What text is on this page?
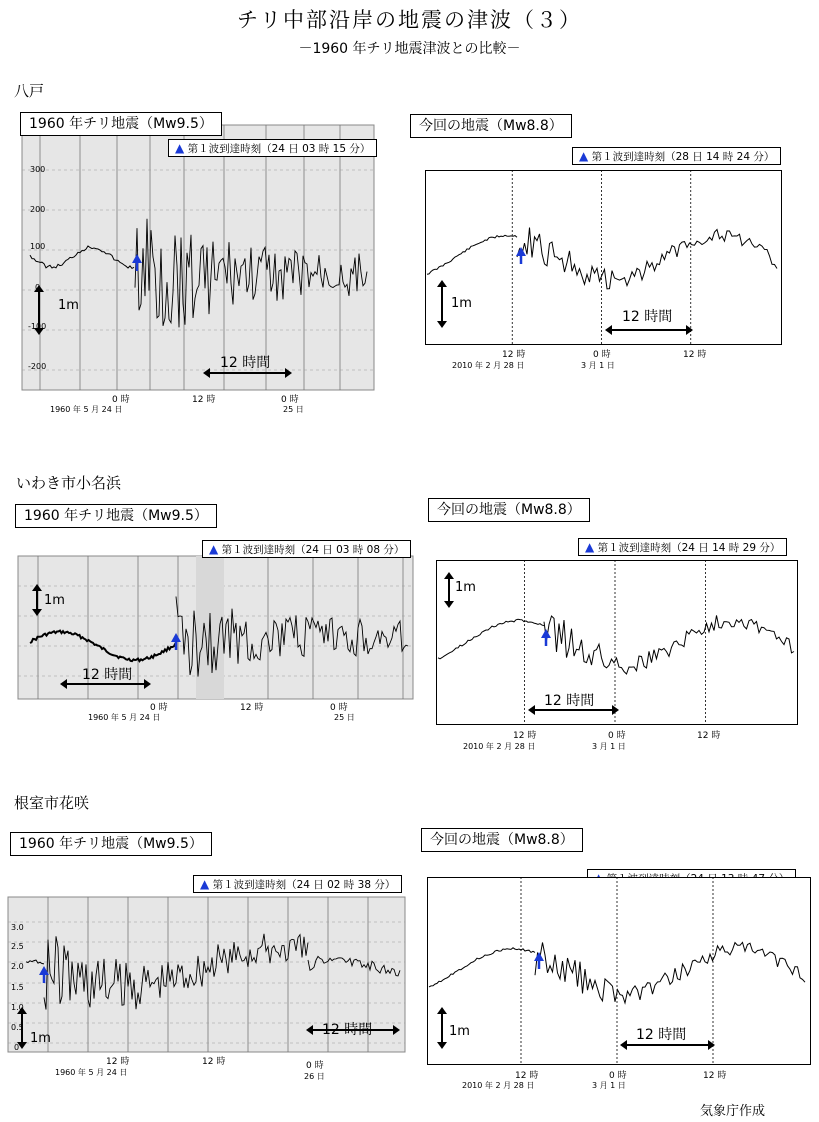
チリ中部沿岸の地震の津波（３）
－1960 年チリ地震津波との比較－
八戸
1960 年チリ地震（Mw9.5）
▲ 第１波到達時刻（24 日 03 時 15 分）
0 時	12 時	0 時
1960 年 5 月 24 日	25 日
1m
12 時間
300
200
100
0
-100
-200
今回の地震（Mw8.8）
▲ 第１波到達時刻（28 日 14 時 24 分）
12 時	0 時	12 時
2010 年 2 月 28 日	3 月 1 日
1m
12 時間
いわき市小名浜
1960 年チリ地震（Mw9.5）
▲ 第１波到達時刻（24 日 03 時 08 分）
0 時	12 時	0 時
1960 年 5 月 24 日	25 日
1m
12 時間
今回の地震（Mw8.8）
▲ 第１波到達時刻（24 日 14 時 29 分）
12 時	0 時	12 時
2010 年 2 月 28 日	3 月 1 日
1m
12 時間
根室市花咲
1960 年チリ地震（Mw9.5）
▲ 第１波到達時刻（24 日 02 時 38 分）
12 時	12 時	0 時
1960 年 5 月 24 日	26 日
1m
12 時間
3.0
2.5
2.0
1.5
1.0
0.5
0
今回の地震（Mw8.8）
12 時	0 時	12 時
2010 年 2 月 28 日	3 月 1 日
1m	12 時間
気象庁作成
